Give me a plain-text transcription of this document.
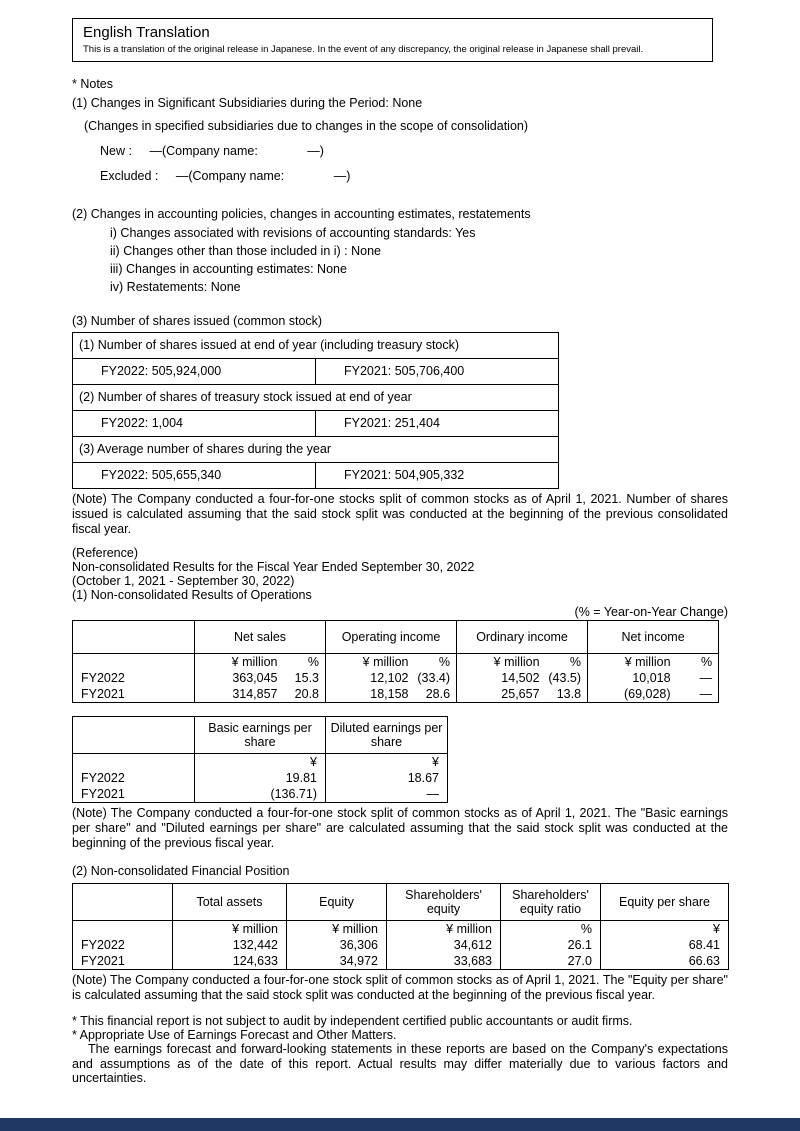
English Translation
This is a translation of the original release in Japanese. In the event of any discrepancy, the original release in Japanese shall prevail.
* Notes
(1) Changes in Significant Subsidiaries during the Period: None
(Changes in specified subsidiaries due to changes in the scope of consolidation)
New : ―(Company name:	―)
Excluded : ―(Company name:	―)
(2) Changes in accounting policies, changes in accounting estimates, restatements
i) Changes associated with revisions of accounting standards: Yes
ii) Changes other than those included in i) : None
iii) Changes in accounting estimates: None
iv) Restatements: None
(3) Number of shares issued (common stock)
(1) Number of shares issued at end of year (including treasury stock)	
FY2022: 505,924,000	FY2021: 505,706,400
(2) Number of shares of treasury stock issued at end of year	
FY2022: 1,004	FY2021: 251,404
(3) Average number of shares during the year	
FY2022: 505,655,340	FY2021: 504,905,332
(Note) The Company conducted a four-for-one stocks split of common stocks as of April 1, 2021. Number of shares issued is calculated assuming that the said stock split was conducted at the beginning of the previous consolidated fiscal year.
(Reference)
Non-consolidated Results for the Fiscal Year Ended September 30, 2022
(October 1, 2021 ‐ September 30, 2022)
(1) Non-consolidated Results of Operations
(% = Year-on-Year Change)
	Net sales		Operating income		Ordinary income		Net income	
	¥ million	%	¥ million	%	¥ million	%	¥ million	%
FY2022	363,045	15.3	12,102	(33.4)	14,502	(43.5)	10,018	―
FY2021	314,857	20.8	18,158	28.6	25,657	13.8	(69,028)	―
	Basic earnings per share	Diluted earnings per share
	¥	¥
FY2022	19.81	18.67
FY2021	(136.71)	―
(Note) The Company conducted a four-for-one stock split of common stocks as of April 1, 2021. The "Basic earnings per share" and "Diluted earnings per share" are calculated assuming that the said stock split was conducted at the beginning of the previous fiscal year.
(2) Non-consolidated Financial Position
	Total assets	Equity	Shareholders' equity	Shareholders' equity ratio	Equity per share
	¥ million	¥ million	¥ million	%	¥
FY2022	132,442	36,306	34,612	26.1	68.41
FY2021	124,633	34,972	33,683	27.0	66.63
(Note) The Company conducted a four-for-one stock split of common stocks as of April 1, 2021. The "Equity per share" is calculated assuming that the said stock split was conducted at the beginning of the previous fiscal year.
* This financial report is not subject to audit by independent certified public accountants or audit firms.
* Appropriate Use of Earnings Forecast and Other Matters.
The earnings forecast and forward-looking statements in these reports are based on the Company's expectations and assumptions as of the date of this report. Actual results may differ materially due to various factors and uncertainties.
